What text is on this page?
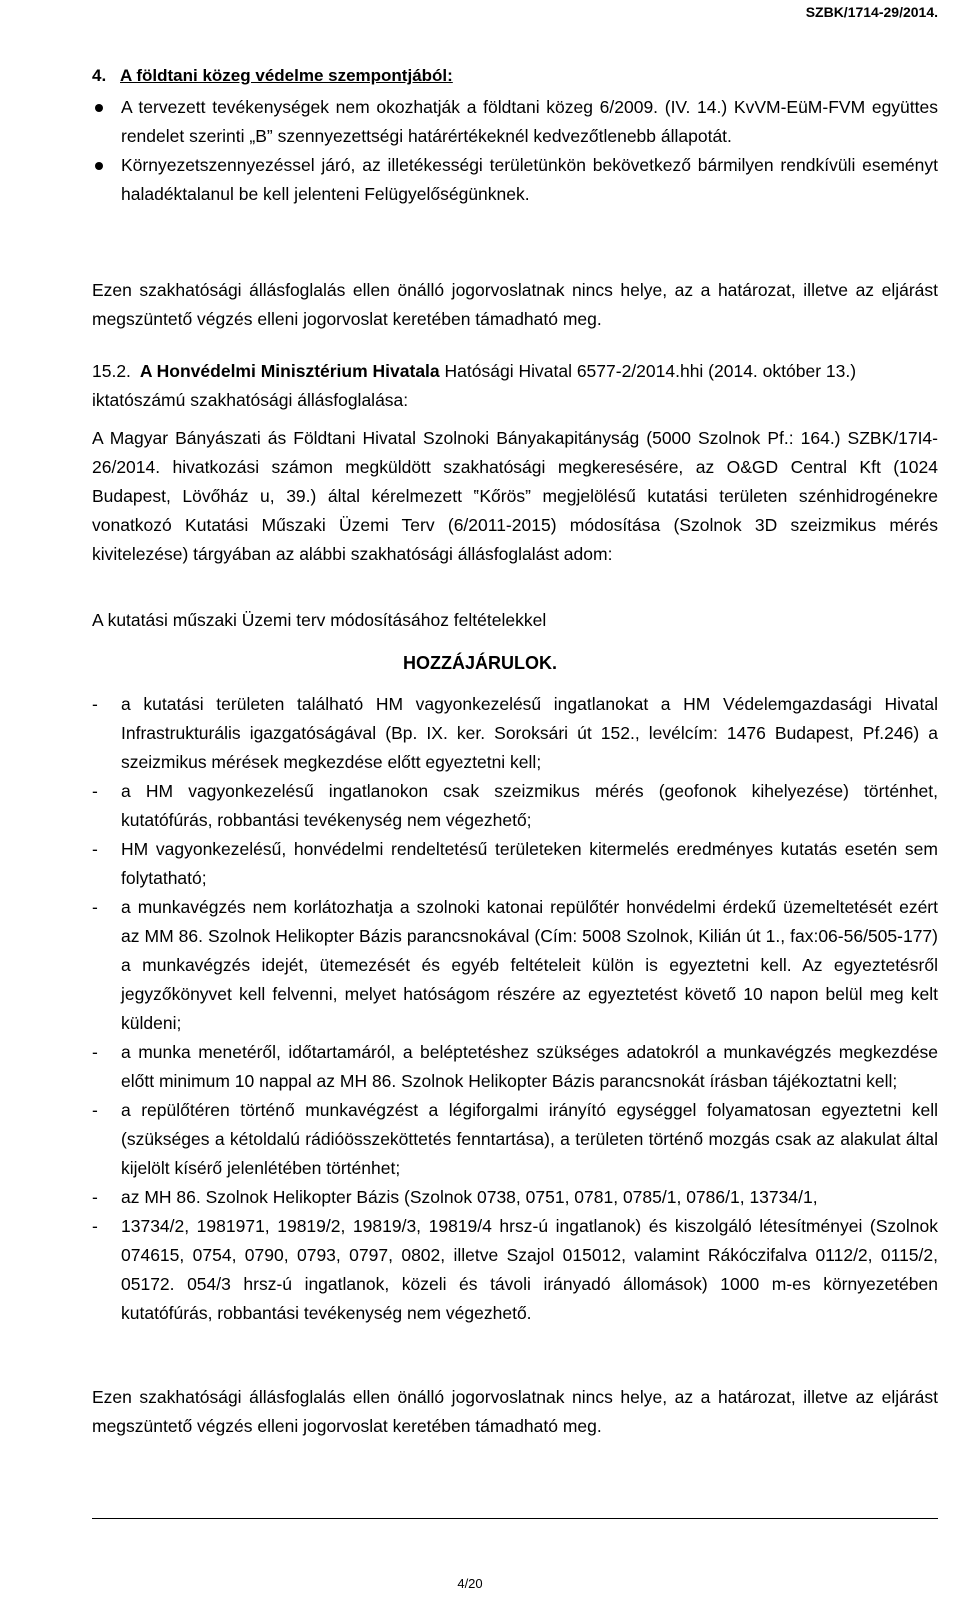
SZBK/1714-29/2014.
4. A földtani közeg védelme szempontjából:
A tervezett tevékenységek nem okozhatják a földtani közeg 6/2009. (IV. 14.) KvVM-EüM-FVM együttes rendelet szerinti „B” szennyezettségi határértékeknél kedvezőtlenebb állapotát.
Környezetszennyezéssel járó, az illetékességi területünkön bekövetkező bármilyen rendkívüli eseményt haladéktalanul be kell jelenteni Felügyelőségünknek.

Ezen szakhatósági állásfoglalás ellen önálló jogorvoslatnak nincs helye, az a határozat, illetve az eljárást megszüntető végzés elleni jogorvoslat keretében támadható meg.

15.2. A Honvédelmi Minisztérium Hivatala Hatósági Hivatal 6577-2/2014.hhi (2014. október 13.) iktatószámú szakhatósági állásfoglalása:

A Magyar Bányászati ás Földtani Hivatal Szolnoki Bányakapitányság (5000 Szolnok Pf.: 164.) SZBK/17I4-26/2014. hivatkozási számon megküldött szakhatósági megkeresésére, az O&GD Central Kft (1024 Budapest, Lövőház u, 39.) által kérelmezett ‟Kőrös” megjelölésű kutatási területen szénhidrogénekre vonatkozó Kutatási Műszaki Üzemi Terv (6/2011-2015) módosítása (Szolnok 3D szeizmikus mérés kivitelezése) tárgyában az alábbi szakhatósági állásfoglalást adom:

A kutatási műszaki Üzemi terv módosításához feltételekkel

HOZZÁJÁRULOK.
- a kutatási területen található HM vagyonkezelésű ingatlanokat a HM Védelemgazdasági Hivatal Infrastrukturális igazgatóságával (Bp. IX. ker. Soroksári út 152., levélcím: 1476 Budapest, Pf.246) a szeizmikus mérések megkezdése előtt egyeztetni kell;
- a HM vagyonkezelésű ingatlanokon csak szeizmikus mérés (geofonok kihelyezése) történhet, kutatófúrás, robbantási tevékenység nem végezhető;
- HM vagyonkezelésű, honvédelmi rendeltetésű területeken kitermelés eredményes kutatás esetén sem folytatható;
- a munkavégzés nem korlátozhatja a szolnoki katonai repülőtér honvédelmi érdekű üzemeltetését ezért az MM 86. Szolnok Helikopter Bázis parancsnokával (Cím: 5008 Szolnok, Kilián út 1., fax:06-56/505-177) a munkavégzés idejét, ütemezését és egyéb feltételeit külön is egyeztetni kell. Az egyeztetésről jegyzőkönyvet kell felvenni, melyet hatóságom részére az egyeztetést követő 10 napon belül meg kelt küldeni;
- a munka menetéről, időtartamáról, a beléptetéshez szükséges adatokról a munkavégzés megkezdése előtt minimum 10 nappal az MH 86. Szolnok Helikopter Bázis parancsnokát írásban tájékoztatni kell;
- a repülőtéren történő munkavégzést a légiforgalmi irányító egységgel folyamatosan egyeztetni kell (szükséges a kétoldalú rádióösszeköttetés fenntartása), a területen történő mozgás csak az alakulat által kijelölt kísérő jelenlétében történhet;
- az MH 86. Szolnok Helikopter Bázis (Szolnok 0738, 0751, 0781, 0785/1, 0786/1, 13734/1,
- 13734/2, 1981971, 19819/2, 19819/3, 19819/4 hrsz-ú ingatlanok) és kiszolgáló létesítményei (Szolnok 074615, 0754, 0790, 0793, 0797, 0802, illetve Szajol 015012, valamint Rákóczifalva 0112/2, 0115/2, 05172. 054/3 hrsz-ú ingatlanok, közeli és távoli irányadó állomások) 1000 m-es környezetében kutatófúrás, robbantási tevékenység nem végezhető.

Ezen szakhatósági állásfoglalás ellen önálló jogorvoslatnak nincs helye, az a határozat, illetve az eljárást megszüntető végzés elleni jogorvoslat keretében támadható meg.

4/20
